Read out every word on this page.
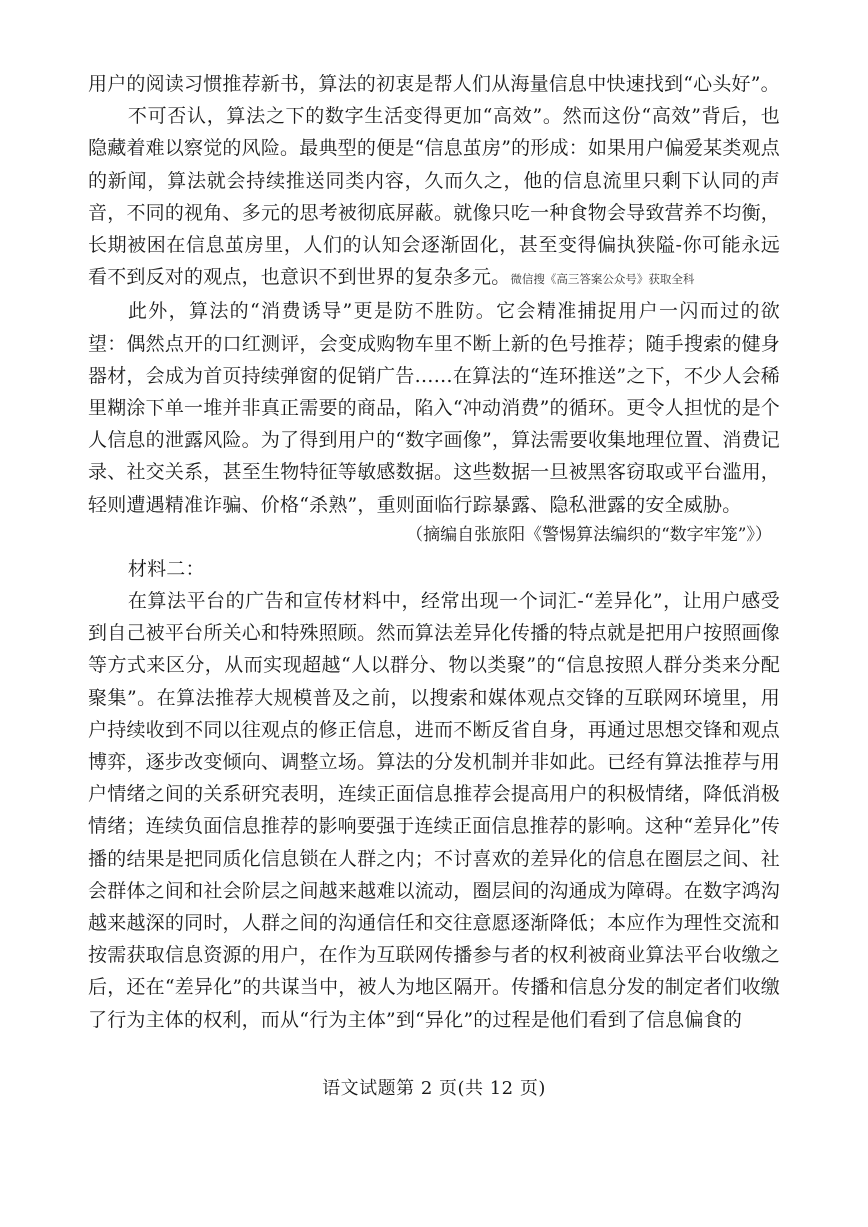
用户的阅读习惯推荐新书，算法的初衷是帮人们从海量信息中快速找到“心头好”。

不可否认，算法之下的数字生活变得更加“高效”。然而这份“高效”背后，也隐藏着难以察觉的风险。最典型的便是“信息茧房”的形成：如果用户偏爱某类观点的新闻，算法就会持续推送同类内容，久而久之，他的信息流里只剩下认同的声音，不同的视角、多元的思考被彻底屏蔽。就像只吃一种食物会导致营养不均衡，长期被困在信息茧房里，人们的认知会逐渐固化，甚至变得偏执狭隘-你可能永远看不到反对的观点，也意识不到世界的复杂多元。微信搜《高三答案公众号》获取全科

此外，算法的“消费诱导”更是防不胜防。它会精准捕捉用户一闪而过的欲望：偶然点开的口红测评，会变成购物车里不断上新的色号推荐；随手搜索的健身器材，会成为首页持续弹窗的促销广告……在算法的“连环推送”之下，不少人会稀里糊涂下单一堆并非真正需要的商品，陷入“冲动消费”的循环。更令人担忧的是个人信息的泄露风险。为了得到用户的“数字画像”，算法需要收集地理位置、消费记录、社交关系，甚至生物特征等敏感数据。这些数据一旦被黑客窃取或平台滥用，轻则遭遇精准诈骗、价格“杀熟”，重则面临行踪暴露、隐私泄露的安全威胁。

（摘编自张旅阳《警惕算法编织的“数字牢笼”》）

材料二：

在算法平台的广告和宣传材料中，经常出现一个词汇-“差异化”，让用户感受到自己被平台所关心和特殊照顾。然而算法差异化传播的特点就是把用户按照画像等方式来区分，从而实现超越“人以群分、物以类聚”的“信息按照人群分类来分配聚集”。在算法推荐大规模普及之前，以搜索和媒体观点交锋的互联网环境里，用户持续收到不同以往观点的修正信息，进而不断反省自身，再通过思想交锋和观点博弈，逐步改变倾向、调整立场。算法的分发机制并非如此。已经有算法推荐与用户情绪之间的关系研究表明，连续正面信息推荐会提高用户的积极情绪，降低消极情绪；连续负面信息推荐的影响要强于连续正面信息推荐的影响。这种“差异化”传播的结果是把同质化信息锁在人群之内；不讨喜欢的差异化的信息在圈层之间、社会群体之间和社会阶层之间越来越难以流动，圈层间的沟通成为障碍。在数字鸿沟越来越深的同时，人群之间的沟通信任和交往意愿逐渐降低；本应作为理性交流和按需获取信息资源的用户，在作为互联网传播参与者的权利被商业算法平台收缴之后，还在“差异化”的共谋当中，被人为地区隔开。传播和信息分发的制定者们收缴了行为主体的权利，而从“行为主体”到“异化”的过程是他们看到了信息偏食的

语文试题第 2 页(共 12 页)
